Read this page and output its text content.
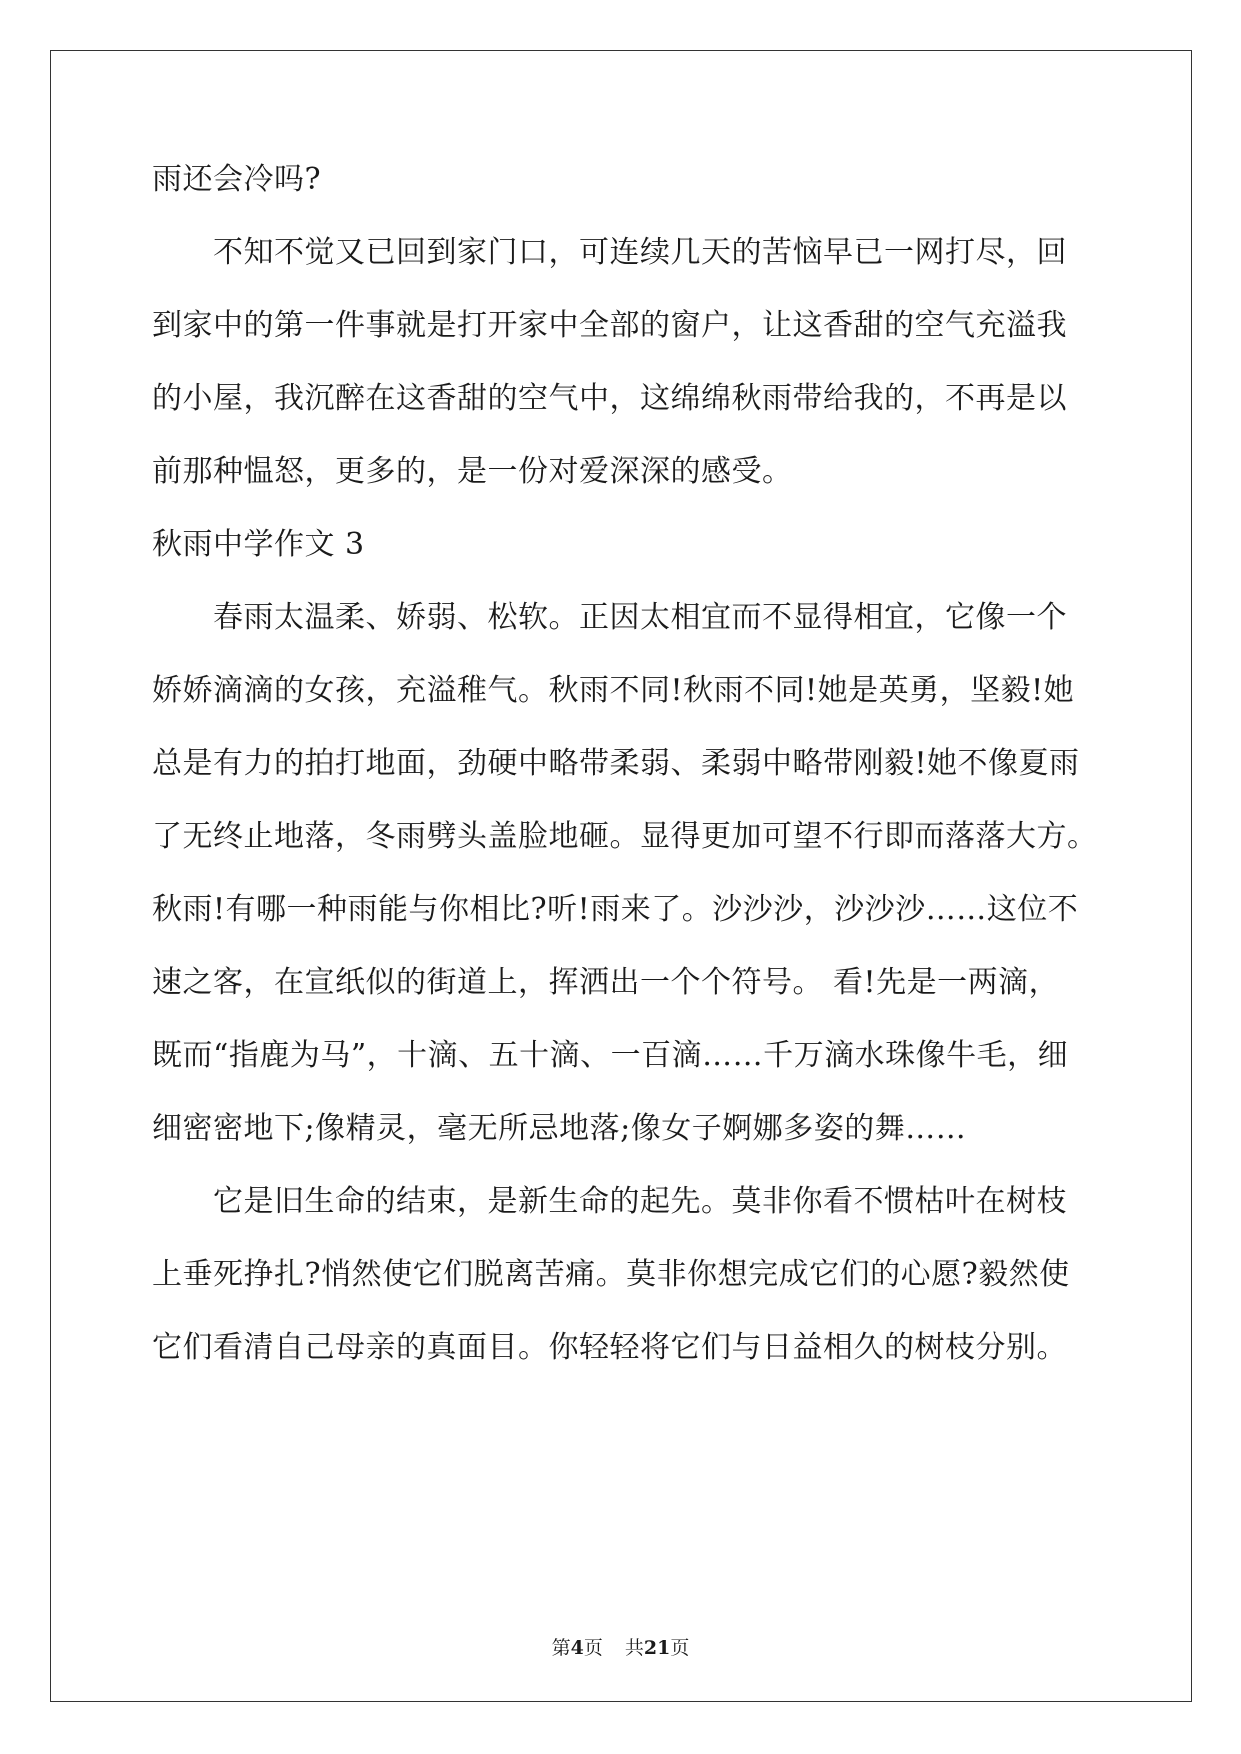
雨还会冷吗?
　　不知不觉又已回到家门口，可连续几天的苦恼早已一网打尽，回
到家中的第一件事就是打开家中全部的窗户，让这香甜的空气充溢我
的小屋，我沉醉在这香甜的空气中，这绵绵秋雨带给我的，不再是以
前那种愠怒，更多的，是一份对爱深深的感受。
秋雨中学作文 3
　　春雨太温柔、娇弱、松软。正因太相宜而不显得相宜，它像一个
娇娇滴滴的女孩，充溢稚气。秋雨不同!秋雨不同!她是英勇，坚毅!她
总是有力的拍打地面，劲硬中略带柔弱、柔弱中略带刚毅!她不像夏雨
了无终止地落，冬雨劈头盖脸地砸。显得更加可望不行即而落落大方。
秋雨!有哪一种雨能与你相比?听!雨来了。沙沙沙，沙沙沙……这位不
速之客，在宣纸似的街道上，挥洒出一个个符号。 看!先是一两滴，
既而“指鹿为马”，十滴、五十滴、一百滴……千万滴水珠像牛毛，细
细密密地下;像精灵，毫无所忌地落;像女子婀娜多姿的舞……
　　它是旧生命的结束，是新生命的起先。莫非你看不惯枯叶在树枝
上垂死挣扎?悄然使它们脱离苦痛。莫非你想完成它们的心愿?毅然使
它们看清自己母亲的真面目。你轻轻将它们与日益相久的树枝分别。
第4页 共21页
